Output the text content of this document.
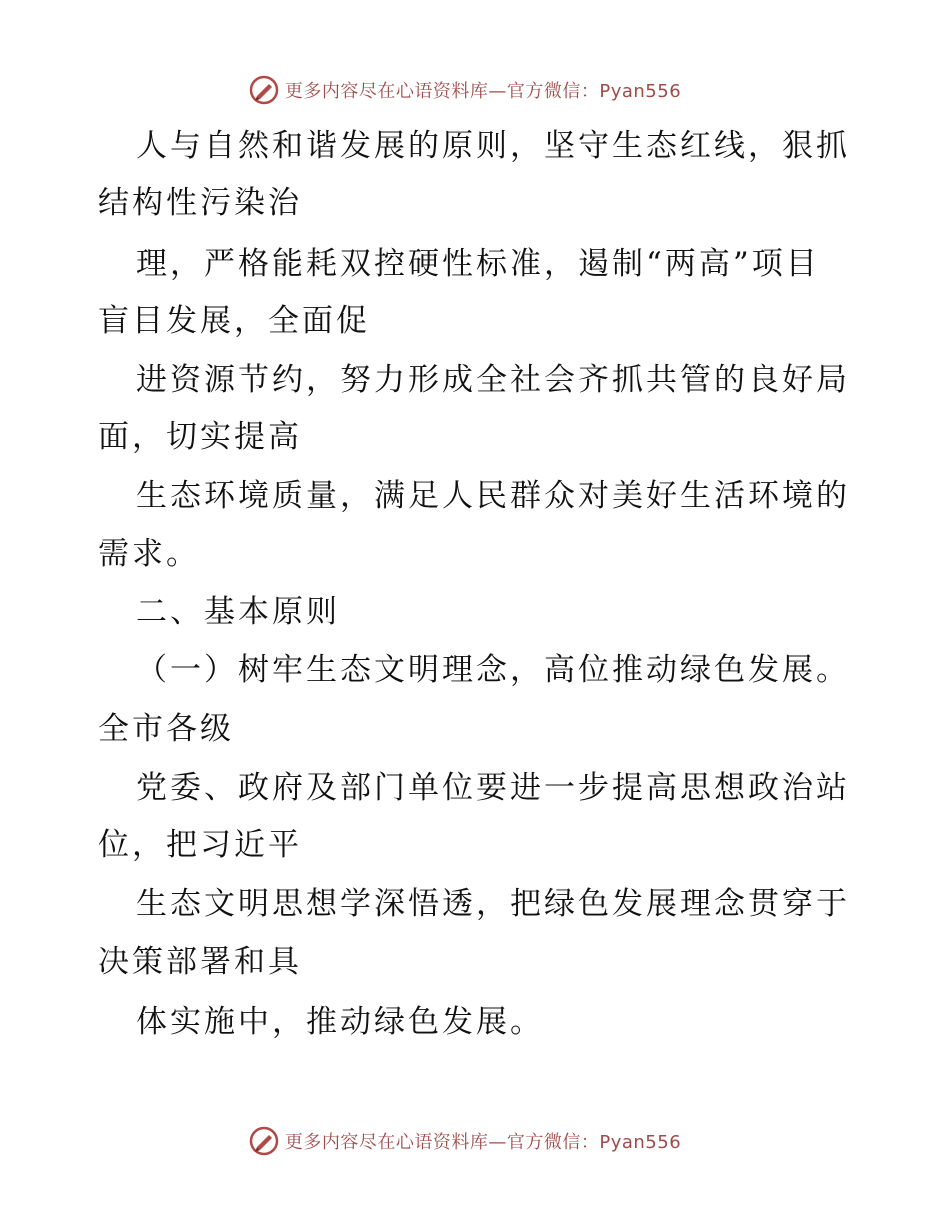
更多内容尽在心语资料库—官方微信：Pyan556
人与自然和谐发展的原则，坚守生态红线，狠抓
结构性污染治
理，严格能耗双控硬性标准，遏制“两高”项目
盲目发展，全面促
进资源节约，努力形成全社会齐抓共管的良好局
面，切实提高
生态环境质量，满足人民群众对美好生活环境的
需求。
二、基本原则
（一）树牢生态文明理念，高位推动绿色发展。
全市各级
党委、政府及部门单位要进一步提高思想政治站
位，把习近平
生态文明思想学深悟透，把绿色发展理念贯穿于
决策部署和具
体实施中，推动绿色发展。
更多内容尽在心语资料库—官方微信：Pyan556
